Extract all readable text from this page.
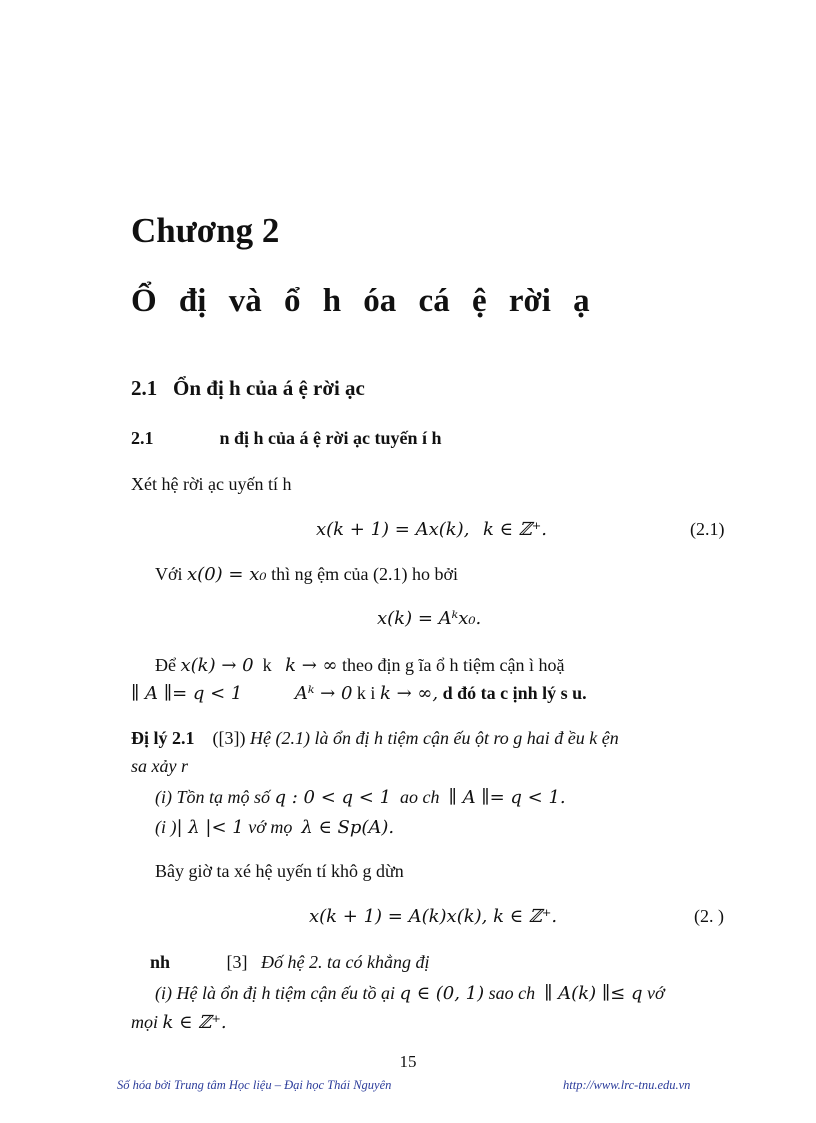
Chương 2
Ổ đị và ổ h óa cá ệ rời ạ
2.1 Ổn đị h của á ệ rời ạc
2.1	n đị h của á ệ rời ạc tuyến í h
Xét hệ rời ạc uyến tí h
x(k + 1) = Ax(k), k ∈ ℤ⁺.	(2.1)
Với x(0) = x₀ thì ng ệm của (2.1) ho bởi
x(k) = Aᵏx₀.
Để x(k) → 0 k k → ∞ theo địn g ĩa ổ h tiệm cận ì hoặ
∥ A ∥= q < 1	Aᵏ → 0 k i k → ∞, d đó ta c ịnh lý s u.
Đị lý 2.1 ([3]) Hệ (2.1) là ổn đị h tiệm cận ếu ột ro g hai đ ều k ện
sa xảy r
(i) Tồn tạ mộ số q : 0 < q < 1 ao ch ∥ A ∥= q < 1.
(i )| λ |< 1 vớ mọ λ ∈ Sp(A).
Bây giờ ta xé hệ uyến tí khô g dừn
x(k + 1) = A(k)x(k), k ∈ ℤ⁺.	(2. )
nh	[3] Đố hệ 2. ta có khẳng đị
(i) Hệ là ổn đị h tiệm cận ếu tồ ại q ∈ (0, 1) sao ch ∥ A(k) ∥≤ q vớ
mọi k ∈ ℤ⁺.
15
Số hóa bởi Trung tâm Học liệu – Đại học Thái Nguyên	http://www.lrc-tnu.edu.vn
